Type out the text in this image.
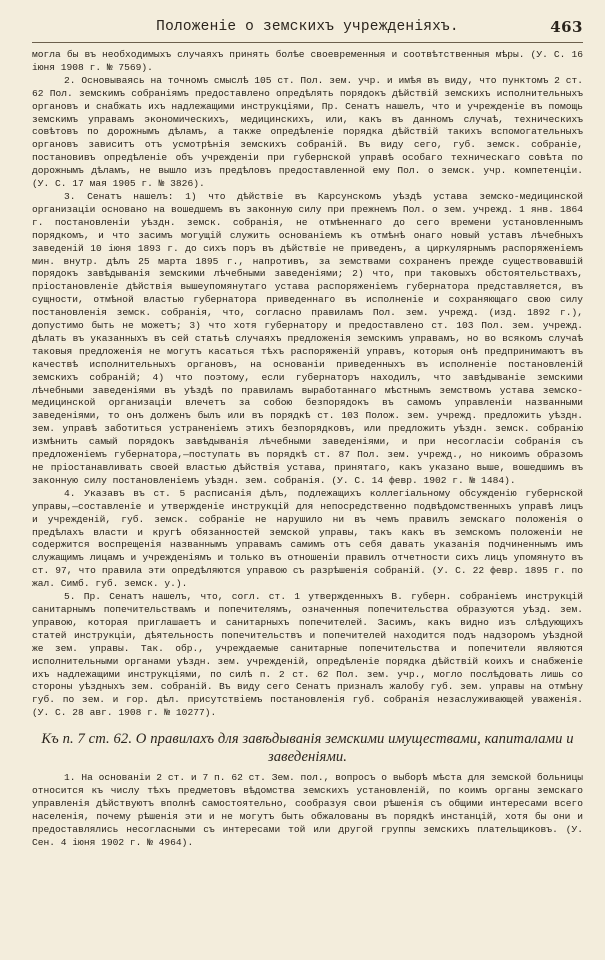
Положеніе о земскихъ учрежденіяхъ.	463

могла бы въ необходимыхъ случаяхъ принять болѣе своевременныя и соотвѣтственныя мѣры. (У. С. 16 іюня 1908 г. № 7569).

2. Основываясь на точномъ смыслѣ 105 ст. Пол. зем. учр. и имѣя въ виду, что пунктомъ 2 ст. 62 Пол. земскимъ собраніямъ предоставлено опредѣлять порядокъ дѣйствій земскихъ исполнительныхъ органовъ и снабжать ихъ надлежащими инструкціями, Пр. Сенатъ нашелъ, что и учрежденіе въ помощь земскимъ управамъ экономическихъ, медицинскихъ, или, какъ въ данномъ случаѣ, техническихъ совѣтовъ по дорожнымъ дѣламъ, а также опредѣленіе порядка дѣйствій такихъ вспомогательныхъ органовъ зависитъ отъ усмотрѣнія земскихъ собраній. Въ виду сего, губ. земск. собраніе, постановивъ опредѣленіе объ учрежденіи при губернской управѣ особаго техническаго совѣта по дорожнымъ дѣламъ, не вышло изъ предѣловъ предоставленной ему Пол. о земск. учр. компетенціи. (У. С. 17 мая 1905 г. № 3826).

3. Сенатъ нашелъ: 1) что дѣйствіе въ Карсунскомъ уѣздѣ устава земско-медицинской организаціи основано на вошедшемъ въ законную силу при прежнемъ Пол. о зем. учрежд. 1 янв. 1864 г. постановленіи уѣздн. земск. собранія, не отмѣненнаго до сего времени установленнымъ порядкомъ, и что засимъ могущій служить основаніемъ къ отмѣнѣ онаго новый уставъ лѣчебныхъ заведеній 10 іюня 1893 г. до сихъ поръ въ дѣйствіе не приведенъ, а циркулярнымъ распоряженіемъ мин. внутр. дѣлъ 25 марта 1895 г., напротивъ, за земствами сохраненъ прежде существовавшій порядокъ завѣдыванія земскими лѣчебными заведеніями; 2) что, при таковыхъ обстоятельствахъ, пріостановленіе дѣйствія вышеупомянутаго устава распоряженіемъ губернатора представляется, въ сущности, отмѣной властью губернатора приведеннаго въ исполненіе и сохраняющаго свою силу постановленія земск. собранія, что, согласно правиламъ Пол. зем. учрежд. (изд. 1892 г.), допустимо быть не можетъ; 3) что хотя губернатору и предоставлено ст. 103 Пол. зем. учрежд. дѣлать въ указанныхъ въ сей статьѣ случаяхъ предложенія земскимъ управамъ, но во всякомъ случаѣ таковыя предложенія не могутъ касаться тѣхъ распоряженій управъ, которыя онѣ предпринимаютъ въ качествѣ исполнительныхъ органовъ, на основаніи приведенныхъ въ исполненіе постановленій земскихъ собраній; 4) что поэтому, если губернаторъ находилъ, что завѣдываніе земскими лѣчебными заведеніями въ уѣздѣ по правиламъ выработаннаго мѣстнымъ земствомъ устава земско-медицинской организаціи влечетъ за собою безпорядокъ въ самомъ управленіи названными заведеніями, то онъ долженъ былъ или въ порядкѣ ст. 103 Полож. зем. учрежд. предложить уѣздн. зем. управѣ заботиться устраненіемъ этихъ безпорядковъ, или предложить уѣздн. земск. собранію измѣнить самый порядокъ завѣдыванія лѣчебными заведеніями, и при несогласіи собранія съ предложеніемъ губернатора,—поступать въ порядкѣ ст. 87 Пол. зем. учрежд., но никоимъ образомъ не пріостанавливать своей властью дѣйствія устава, принятаго, какъ указано выше, вошедшимъ въ законную силу постановленіемъ уѣздн. зем. собранія. (У. С. 14 февр. 1902 г. № 1484).

4. Указавъ въ ст. 5 расписанія дѣлъ, подлежащихъ коллегіальному обсужденію губернской управы,—составленіе и утвержденіе инструкцій для непосредственно подвѣдомственныхъ управѣ лицъ и учрежденій, губ. земск. собраніе не нарушило ни въ чемъ правилъ земскаго положенія о предѣлахъ власти и кругѣ обязанностей земской управы, такъ какъ въ земскомъ положеніи не содержится воспрещенія названнымъ управамъ самимъ отъ себя давать указанія подчиненнымъ имъ служащимъ лицамъ и учрежденіямъ и только въ отношеніи правилъ отчетности сихъ лицъ упомянуто въ ст. 97, что правила эти опредѣляются управою съ разрѣшенія собраній. (У. С. 22 февр. 1895 г. по жал. Симб. губ. земск. у.).

5. Пр. Сенатъ нашелъ, что, согл. ст. 1 утвержденныхъ В. губерн. собраніемъ инструкцій санитарнымъ попечительствамъ и попечителямъ, означенныя попечительства образуются уѣзд. зем. управою, которая приглашаетъ и санитарныхъ попечителей. Засимъ, какъ видно изъ слѣдующихъ статей инструкціи, дѣятельность попечительствъ и попечителей находится подъ надзоромъ уѣздной же зем. управы. Так. обр., учреждаемые санитарные попечительства и попечители являются исполнительными органами уѣздн. зем. учрежденій, опредѣленіе порядка дѣйствій коихъ и снабженіе ихъ надлежащими инструкціями, по силѣ п. 2 ст. 62 Пол. зем. учр., могло послѣдовать лишь со стороны уѣздныхъ зем. собраній. Въ виду сего Сенатъ призналъ жалобу губ. зем. управы на отмѣну губ. по зем. и гор. дѣл. присутствіемъ постановленія губ. собранія незаслуживающей уваженія. (У. С. 28 авг. 1908 г. № 10277).

Къ п. 7 ст. 62. О правилахъ для завѣдыванія земскими имуществами, капиталами и заведеніями.

1. На основаніи 2 ст. и 7 п. 62 ст. Зем. пол., вопросъ о выборѣ мѣста для земской больницы относится къ числу тѣхъ предметовъ вѣдомства земскихъ установленій, по коимъ органы земскаго управленія дѣйствуютъ вполнѣ самостоятельно, сообразуя свои рѣшенія съ общими интересами всего населенія, почему рѣшенія эти и не могутъ быть обжалованы въ порядкѣ инстанцій, хотя бы они и предоставлялись несогласными съ интересами той или другой группы земскихъ плательщиковъ. (У. Сен. 4 іюня 1902 г. № 4964).
